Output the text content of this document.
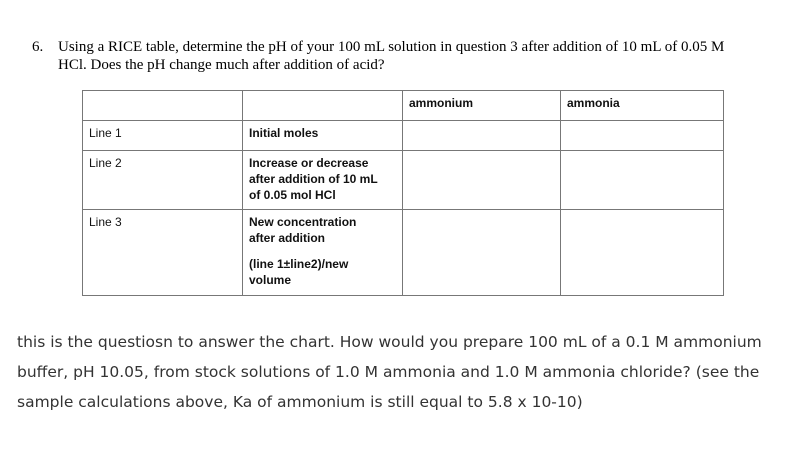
6. Using a RICE table, determine the pH of your 100 mL solution in question 3 after addition of 10 mL of 0.05 M
HCl. Does the pH change much after addition of acid?
		ammonium	ammonia
Line 1	Initial moles		
Line 2	Increase or decrease
after addition of 10 mL
of 0.05 mol HCl		
Line 3	New concentration
after addition
(line 1±line2)/new
volume		
this is the questiosn to answer the chart. How would you prepare 100 mL of a 0.1 M ammonium buffer, pH 10.05, from stock solutions of 1.0 M ammonia and 1.0 M ammonia chloride? (see the sample calculations above, Ka of ammonium is still equal to 5.8 x 10-10)
